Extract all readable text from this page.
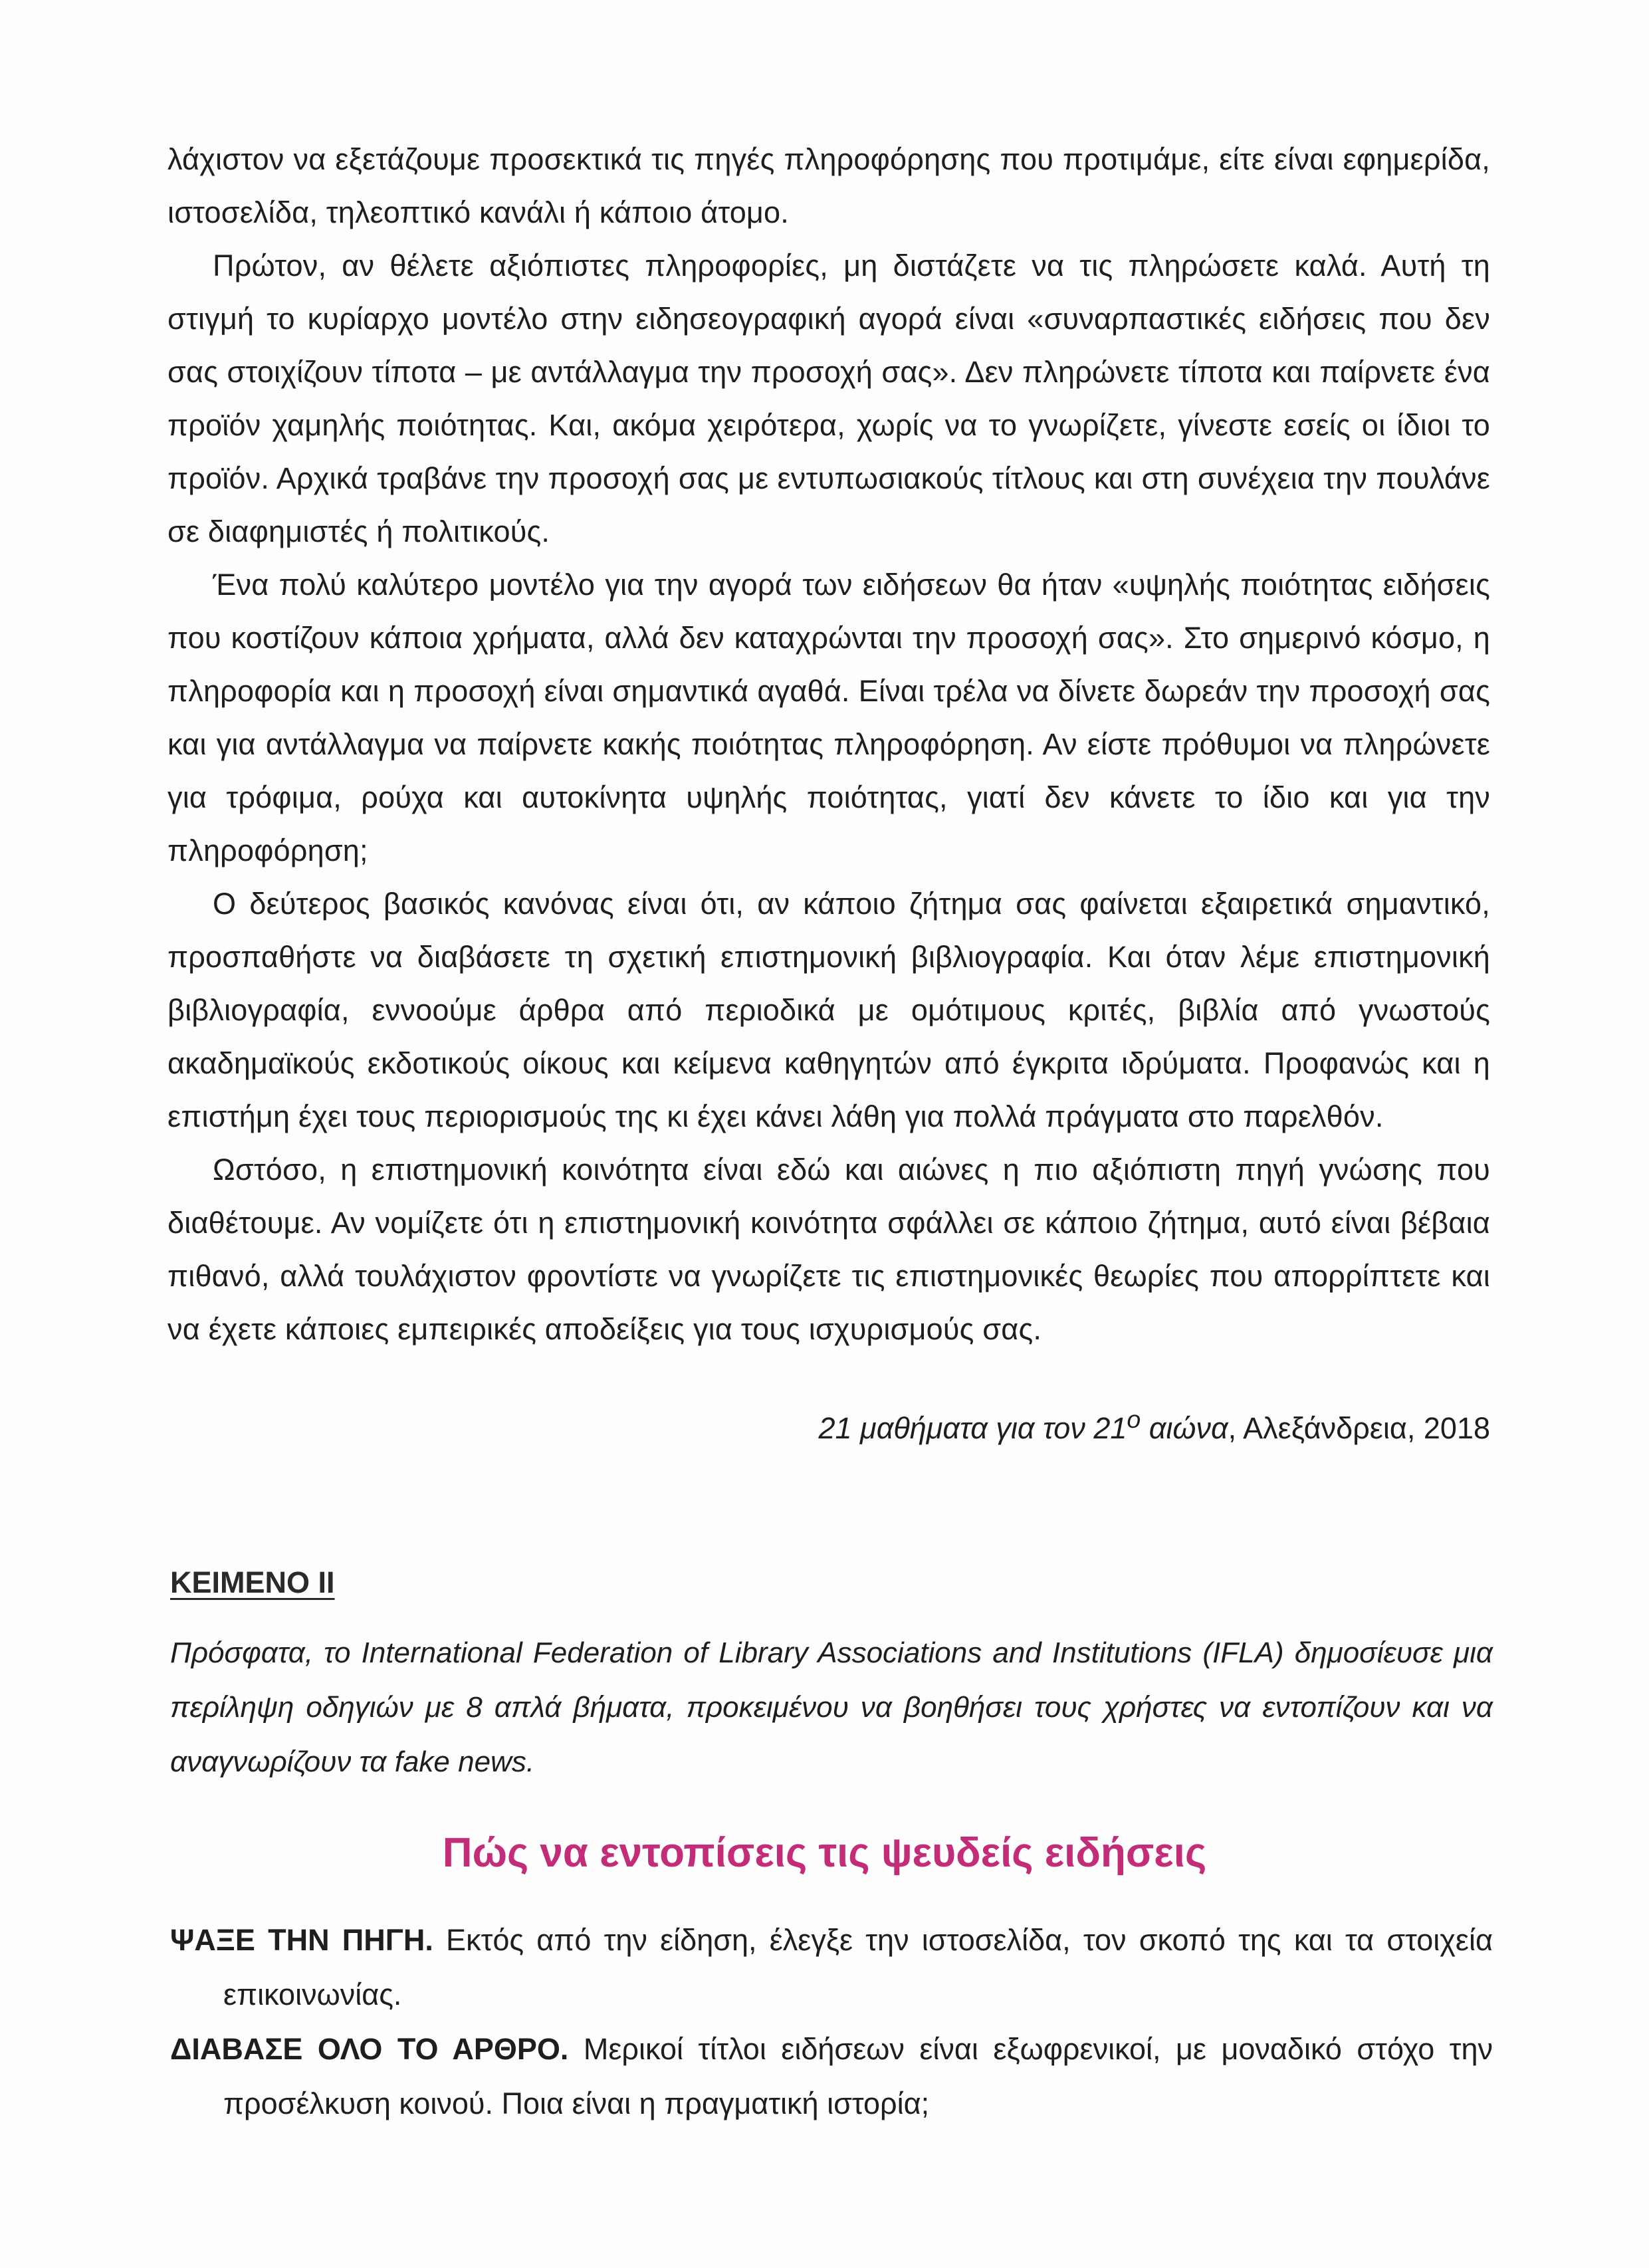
λάχιστον να εξετάζουμε προσεκτικά τις πηγές πληροφόρησης που προτιμάμε, είτε είναι εφημερίδα, ιστοσελίδα, τηλεοπτικό κανάλι ή κάποιο άτομο.

Πρώτον, αν θέλετε αξιόπιστες πληροφορίες, μη διστάζετε να τις πληρώσετε καλά. Αυτή τη στιγμή το κυρίαρχο μοντέλο στην ειδησεογραφική αγορά είναι «συναρπαστικές ειδήσεις που δεν σας στοιχίζουν τίποτα – με αντάλλαγμα την προσοχή σας». Δεν πληρώνετε τίποτα και παίρνετε ένα προϊόν χαμηλής ποιότητας. Και, ακόμα χειρότερα, χωρίς να το γνωρίζετε, γίνεστε εσείς οι ίδιοι το προϊόν. Αρχικά τραβάνε την προσοχή σας με εντυπωσιακούς τίτλους και στη συνέχεια την πουλάνε σε διαφημιστές ή πολιτικούς.

Ένα πολύ καλύτερο μοντέλο για την αγορά των ειδήσεων θα ήταν «υψηλής ποιότητας ειδήσεις που κοστίζουν κάποια χρήματα, αλλά δεν καταχρώνται την προσοχή σας». Στο σημερινό κόσμο, η πληροφορία και η προσοχή είναι σημαντικά αγαθά. Είναι τρέλα να δίνετε δωρεάν την προσοχή σας και για αντάλλαγμα να παίρνετε κακής ποιότητας πληροφόρηση. Αν είστε πρόθυμοι να πληρώνετε για τρόφιμα, ρούχα και αυτοκίνητα υψηλής ποιότητας, γιατί δεν κάνετε το ίδιο και για την πληροφόρηση;

Ο δεύτερος βασικός κανόνας είναι ότι, αν κάποιο ζήτημα σας φαίνεται εξαιρετικά σημαντικό, προσπαθήστε να διαβάσετε τη σχετική επιστημονική βιβλιογραφία. Και όταν λέμε επιστημονική βιβλιογραφία, εννοούμε άρθρα από περιοδικά με ομότιμους κριτές, βιβλία από γνωστούς ακαδημαϊκούς εκδοτικούς οίκους και κείμενα καθηγητών από έγκριτα ιδρύματα. Προφανώς και η επιστήμη έχει τους περιορισμούς της κι έχει κάνει λάθη για πολλά πράγματα στο παρελθόν.

Ωστόσο, η επιστημονική κοινότητα είναι εδώ και αιώνες η πιο αξιόπιστη πηγή γνώσης που διαθέτουμε. Αν νομίζετε ότι η επιστημονική κοινότητα σφάλλει σε κάποιο ζήτημα, αυτό είναι βέβαια πιθανό, αλλά τουλάχιστον φροντίστε να γνωρίζετε τις επιστημονικές θεωρίες που απορρίπτετε και να έχετε κάποιες εμπειρικές αποδείξεις για τους ισχυρισμούς σας.

21 μαθήματα για τον $21^o$ αιώνα, Αλεξάνδρεια, 2018
ΚΕΙΜΕΝΟ ΙΙ
Πρόσφατα, το International Federation of Library Associations and Institutions (IFLA) δημοσίευσε μια περίληψη οδηγιών με 8 απλά βήματα, προκειμένου να βοηθήσει τους χρήστες να εντοπίζουν και να αναγνωρίζουν τα fake news.
Πώς να εντοπίσεις τις ψευδείς ειδήσεις

ΨΑΞΕ ΤΗΝ ΠΗΓΗ. Εκτός από την είδηση, έλεγξε την ιστοσελίδα, τον σκοπό της και τα στοιχεία επικοινωνίας.

ΔΙΑΒΑΣΕ ΟΛΟ ΤΟ ΑΡΘΡΟ. Μερικοί τίτλοι ειδήσεων είναι εξωφρενικοί, με μοναδικό στόχο την προσέλκυση κοινού. Ποια είναι η πραγματική ιστορία;
